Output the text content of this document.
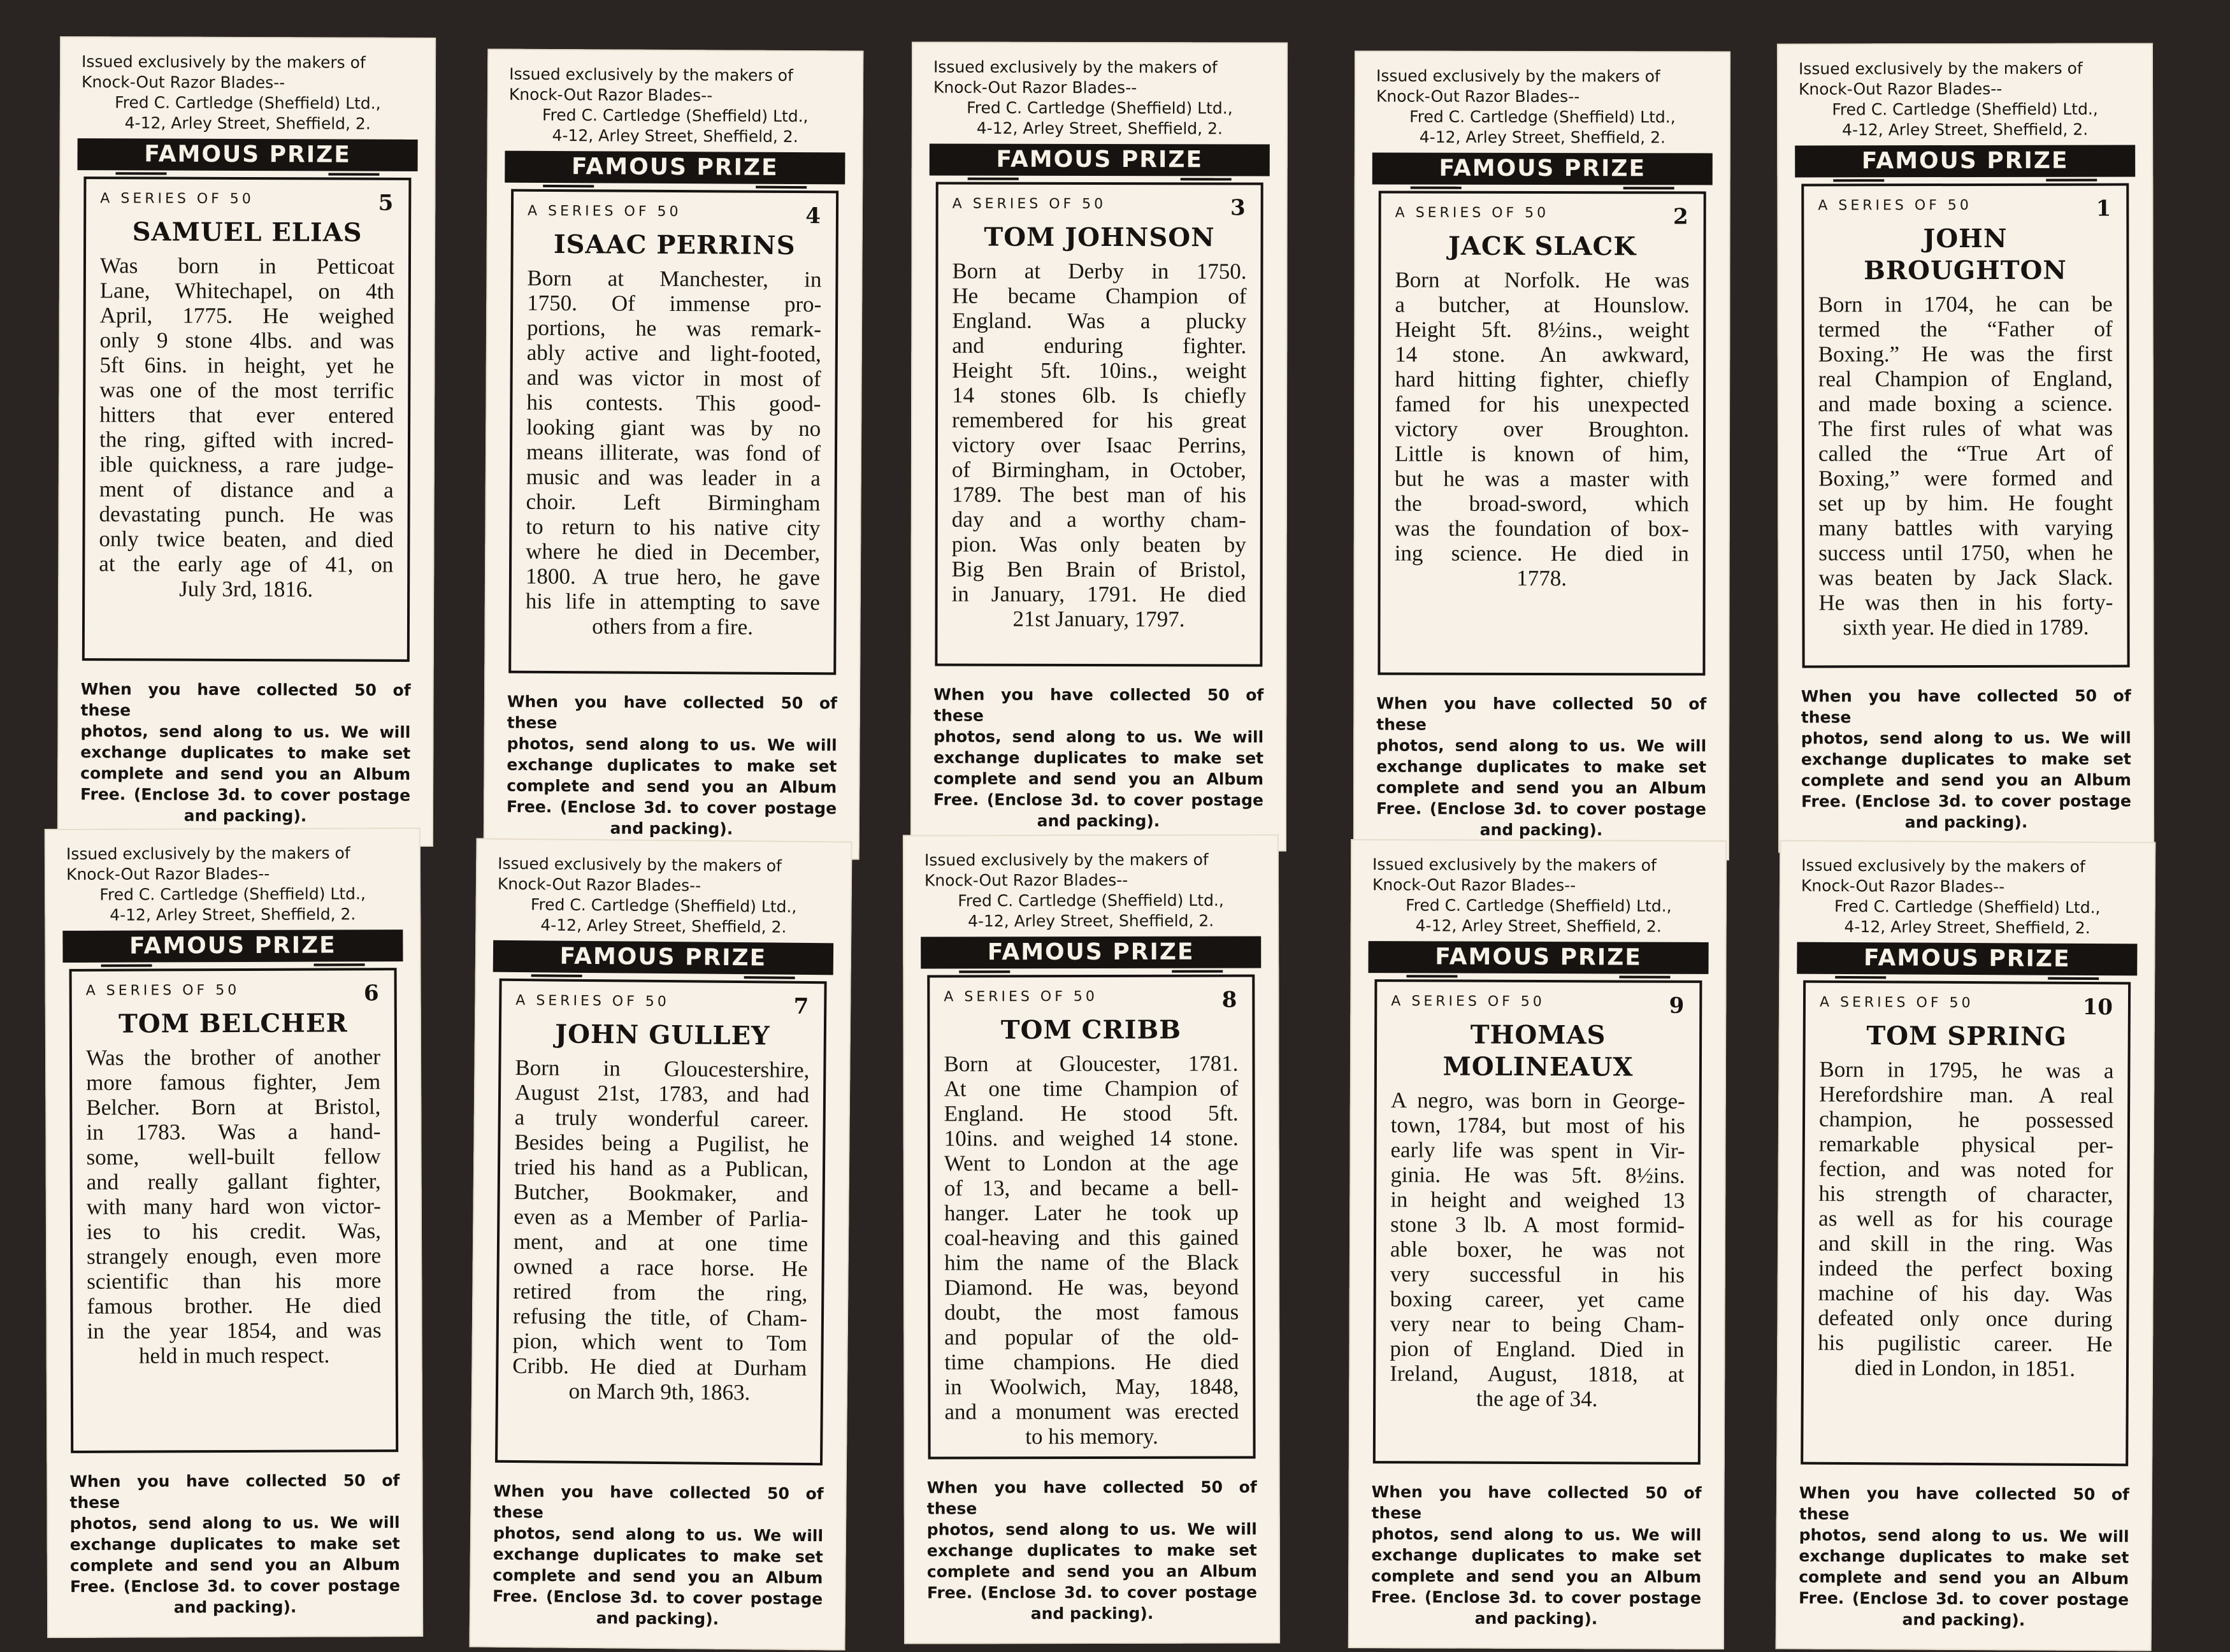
Issued exclusively by the makers of
Knock-Out Razor Blades--
Fred C. Cartledge (Sheffield) Ltd.,
4-12, Arley Street, Sheffield, 2.
FAMOUS PRIZE FIGHTERS
A SERIES OF 50	5
SAMUEL ELIAS
Was born in Petticoat
Lane, Whitechapel, on 4th
April, 1775. He weighed
only 9 stone 4lbs. and was
5ft 6ins. in height, yet he
was one of the most terrific
hitters that ever entered
the ring, gifted with incred-
ible quickness, a rare judge-
ment of distance and a
devastating punch. He was
only twice beaten, and died
at the early age of 41, on
July 3rd, 1816.
When you have collected 50 of these
photos, send along to us. We will
exchange duplicates to make set
complete and send you an Album
Free. (Enclose 3d. to cover postage
and packing).
Issued exclusively by the makers of
Knock-Out Razor Blades--
Fred C. Cartledge (Sheffield) Ltd.,
4-12, Arley Street, Sheffield, 2.
FAMOUS PRIZE FIGHTERS
A SERIES OF 50	4
ISAAC PERRINS
Born at Manchester, in
1750. Of immense pro-
portions, he was remark-
ably active and light-footed,
and was victor in most of
his contests. This good-
looking giant was by no
means illiterate, was fond of
music and was leader in a
choir. Left Birmingham
to return to his native city
where he died in December,
1800. A true hero, he gave
his life in attempting to save
others from a fire.
When you have collected 50 of these
photos, send along to us. We will
exchange duplicates to make set
complete and send you an Album
Free. (Enclose 3d. to cover postage
and packing).
Issued exclusively by the makers of
Knock-Out Razor Blades--
Fred C. Cartledge (Sheffield) Ltd.,
4-12, Arley Street, Sheffield, 2.
FAMOUS PRIZE FIGHTERS
A SERIES OF 50	3
TOM JOHNSON
Born at Derby in 1750.
He became Champion of
England. Was a plucky
and enduring fighter.
Height 5ft. 10ins., weight
14 stones 6lb. Is chiefly
remembered for his great
victory over Isaac Perrins,
of Birmingham, in October,
1789. The best man of his
day and a worthy cham-
pion. Was only beaten by
Big Ben Brain of Bristol,
in January, 1791. He died
21st January, 1797.
When you have collected 50 of these
photos, send along to us. We will
exchange duplicates to make set
complete and send you an Album
Free. (Enclose 3d. to cover postage
and packing).
Issued exclusively by the makers of
Knock-Out Razor Blades--
Fred C. Cartledge (Sheffield) Ltd.,
4-12, Arley Street, Sheffield, 2.
FAMOUS PRIZE FIGHTERS
A SERIES OF 50	2
JACK SLACK
Born at Norfolk. He was
a butcher, at Hounslow.
Height 5ft. 8½ins., weight
14 stone. An awkward,
hard hitting fighter, chiefly
famed for his unexpected
victory over Broughton.
Little is known of him,
but he was a master with
the broad-sword, which
was the foundation of box-
ing science. He died in
1778.
When you have collected 50 of these
photos, send along to us. We will
exchange duplicates to make set
complete and send you an Album
Free. (Enclose 3d. to cover postage
and packing).
Issued exclusively by the makers of
Knock-Out Razor Blades--
Fred C. Cartledge (Sheffield) Ltd.,
4-12, Arley Street, Sheffield, 2.
FAMOUS PRIZE FIGHTERS
A SERIES OF 50	1
JOHN BROUGHTON
Born in 1704, he can be
termed the “Father of
Boxing.” He was the first
real Champion of England,
and made boxing a science.
The first rules of what was
called the “True Art of
Boxing,” were formed and
set up by him. He fought
many battles with varying
success until 1750, when he
was beaten by Jack Slack.
He was then in his forty-
sixth year. He died in 1789.
When you have collected 50 of these
photos, send along to us. We will
exchange duplicates to make set
complete and send you an Album
Free. (Enclose 3d. to cover postage
and packing).
Issued exclusively by the makers of
Knock-Out Razor Blades--
Fred C. Cartledge (Sheffield) Ltd.,
4-12, Arley Street, Sheffield, 2.
FAMOUS PRIZE FIGHTERS
A SERIES OF 50	6
TOM BELCHER
Was the brother of another
more famous fighter, Jem
Belcher. Born at Bristol,
in 1783. Was a hand-
some, well-built fellow
and really gallant fighter,
with many hard won victor-
ies to his credit. Was,
strangely enough, even more
scientific than his more
famous brother. He died
in the year 1854, and was
held in much respect.
When you have collected 50 of these
photos, send along to us. We will
exchange duplicates to make set
complete and send you an Album
Free. (Enclose 3d. to cover postage
and packing).
Issued exclusively by the makers of
Knock-Out Razor Blades--
Fred C. Cartledge (Sheffield) Ltd.,
4-12, Arley Street, Sheffield, 2.
FAMOUS PRIZE FIGHTERS
A SERIES OF 50	7
JOHN GULLEY
Born in Gloucestershire,
August 21st, 1783, and had
a truly wonderful career.
Besides being a Pugilist, he
tried his hand as a Publican,
Butcher, Bookmaker, and
even as a Member of Parlia-
ment, and at one time
owned a race horse. He
retired from the ring,
refusing the title, of Cham-
pion, which went to Tom
Cribb. He died at Durham
on March 9th, 1863.
When you have collected 50 of these
photos, send along to us. We will
exchange duplicates to make set
complete and send you an Album
Free. (Enclose 3d. to cover postage
and packing).
Issued exclusively by the makers of
Knock-Out Razor Blades--
Fred C. Cartledge (Sheffield) Ltd.,
4-12, Arley Street, Sheffield, 2.
FAMOUS PRIZE FIGHTERS
A SERIES OF 50	8
TOM CRIBB
Born at Gloucester, 1781.
At one time Champion of
England. He stood 5ft.
10ins. and weighed 14 stone.
Went to London at the age
of 13, and became a bell-
hanger. Later he took up
coal-heaving and this gained
him the name of the Black
Diamond. He was, beyond
doubt, the most famous
and popular of the old-
time champions. He died
in Woolwich, May, 1848,
and a monument was erected
to his memory.
When you have collected 50 of these
photos, send along to us. We will
exchange duplicates to make set
complete and send you an Album
Free. (Enclose 3d. to cover postage
and packing).
Issued exclusively by the makers of
Knock-Out Razor Blades--
Fred C. Cartledge (Sheffield) Ltd.,
4-12, Arley Street, Sheffield, 2.
FAMOUS PRIZE FIGHTERS
A SERIES OF 50	9
THOMAS MOLINEAUX
A negro, was born in George-
town, 1784, but most of his
early life was spent in Vir-
ginia. He was 5ft. 8½ins.
in height and weighed 13
stone 3 lb. A most formid-
able boxer, he was not
very successful in his
boxing career, yet came
very near to being Cham-
pion of England. Died in
Ireland, August, 1818, at
the age of 34.
When you have collected 50 of these
photos, send along to us. We will
exchange duplicates to make set
complete and send you an Album
Free. (Enclose 3d. to cover postage
and packing).
Issued exclusively by the makers of
Knock-Out Razor Blades--
Fred C. Cartledge (Sheffield) Ltd.,
4-12, Arley Street, Sheffield, 2.
FAMOUS PRIZE FIGHTERS
A SERIES OF 50	10
TOM SPRING
Born in 1795, he was a
Herefordshire man. A real
champion, he possessed
remarkable physical per-
fection, and was noted for
his strength of character,
as well as for his courage
and skill in the ring. Was
indeed the perfect boxing
machine of his day. Was
defeated only once during
his pugilistic career. He
died in London, in 1851.
When you have collected 50 of these
photos, send along to us. We will
exchange duplicates to make set
complete and send you an Album
Free. (Enclose 3d. to cover postage
and packing).
